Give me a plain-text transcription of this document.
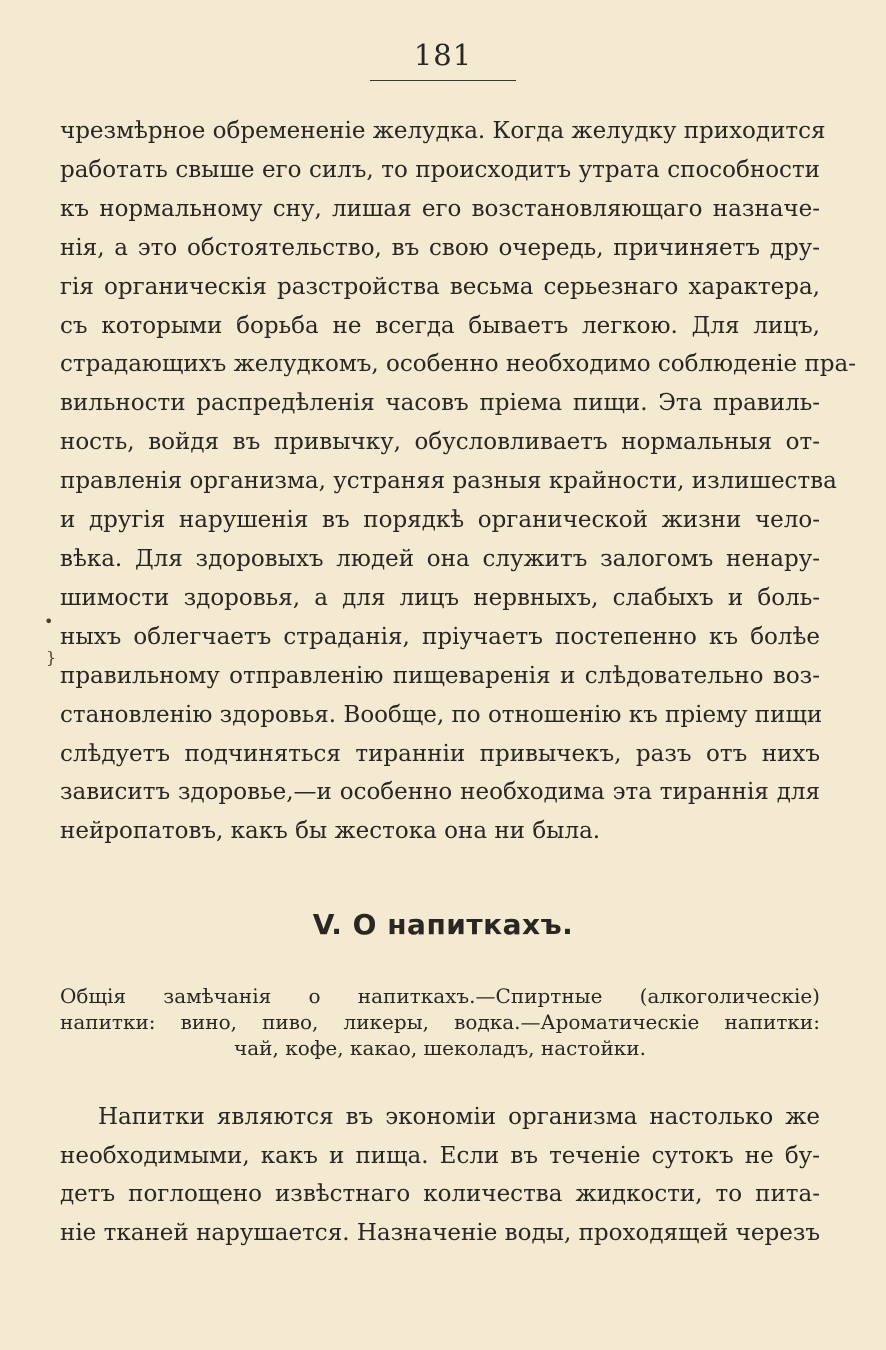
181
•
}
чрезмѣрное обремененіе желудка. Когда желудку приходится
работать свыше его силъ, то происходитъ утрата способности
къ нормальному сну, лишая его возстановляющаго назначе-
нія, а это обстоятельство, въ свою очередь, причиняетъ дру-
гія органическія разстройства весьма серьезнаго характера,
съ которыми борьба не всегда бываетъ легкою. Для лицъ,
страдающихъ желудкомъ, особенно необходимо соблюденіе пра-
вильности распредѣленія часовъ пріема пищи. Эта правиль-
ность, войдя въ привычку, обусловливаетъ нормальныя от-
правленія организма, устраняя разныя крайности, излишества
и другія нарушенія въ порядкѣ органической жизни чело-
вѣка. Для здоровыхъ людей она служитъ залогомъ ненару-
шимости здоровья, а для лицъ нервныхъ, слабыхъ и боль-
ныхъ облегчаетъ страданія, пріучаетъ постепенно къ болѣе
правильному отправленію пищеваренія и слѣдовательно воз-
становленію здоровья. Вообще, по отношенію къ пріему пищи
слѣдуетъ подчиняться тиранніи привычекъ, разъ отъ нихъ
зависитъ здоровье,—и особенно необходима эта тираннія для
нейропатовъ, какъ бы жестока она ни была.
V. О напиткахъ.
Общія замѣчанія о напиткахъ.—Спиртные (алкоголическіе)
напитки: вино, пиво, ликеры, водка.—Ароматическіе напитки:
чай, кофе, какао, шеколадъ, настойки.
Напитки являются въ экономіи организма настолько же
необходимыми, какъ и пища. Если въ теченіе сутокъ не бу-
детъ поглощено извѣстнаго количества жидкости, то пита-
ніе тканей нарушается. Назначеніе воды, проходящей черезъ
